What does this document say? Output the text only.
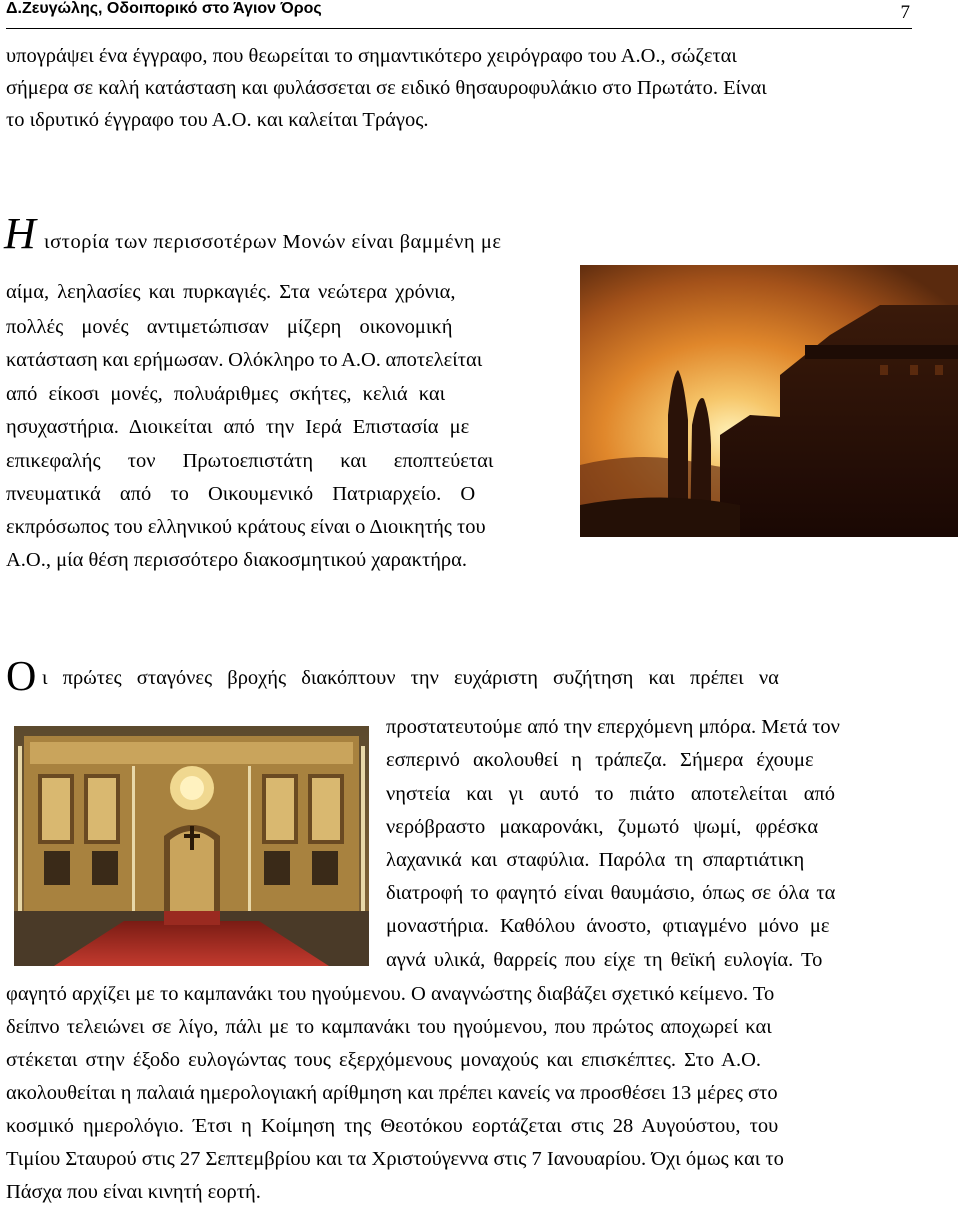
Δ.Ζευγώλης, Οδοιπορικό στο Άγιον Όρος	7
υπογράψει ένα έγγραφο, που θεωρείται το σημαντικότερο χειρόγραφο του Α.Ο., σώζεται
σήμερα σε καλή κατάσταση και φυλάσσεται σε ειδικό θησαυροφυλάκιο στο Πρωτάτο. Είναι
το ιδρυτικό έγγραφο του Α.Ο. και καλείται Τράγος.
Η ιστορία των περισσοτέρων Μονών είναι βαμμένη με
αίμα, λεηλασίες και πυρκαγιές. Στα νεώτερα χρόνια,
πολλές μονές αντιμετώπισαν μίζερη οικονομική
κατάσταση και ερήμωσαν. Ολόκληρο το Α.Ο. αποτελείται
από είκοσι μονές, πολυάριθμες σκήτες, κελιά και
ησυχαστήρια. Διοικείται από την Ιερά Επιστασία με
επικεφαλής τον Πρωτοεπιστάτη και εποπτεύεται
πνευματικά από το Οικουμενικό Πατριαρχείο. Ο
εκπρόσωπος του ελληνικού κράτους είναι ο Διοικητής του
Α.Ο., μία θέση περισσότερο διακοσμητικού χαρακτήρα.
Ο ι πρώτες σταγόνες βροχής διακόπτουν την ευχάριστη συζήτηση και πρέπει να
προστατευτούμε από την επερχόμενη μπόρα. Μετά τον
εσπερινό ακολουθεί η τράπεζα. Σήμερα έχουμε
νηστεία και γι αυτό το πιάτο αποτελείται από
νερόβραστο μακαρονάκι, ζυμωτό ψωμί, φρέσκα
λαχανικά και σταφύλια. Παρόλα τη σπαρτιάτικη
διατροφή το φαγητό είναι θαυμάσιο, όπως σε όλα τα
μοναστήρια. Καθόλου άνοστο, φτιαγμένο μόνο με
αγνά υλικά, θαρρείς που είχε τη θεϊκή ευλογία. Το
φαγητό αρχίζει με το καμπανάκι του ηγούμενου. Ο αναγνώστης διαβάζει σχετικό κείμενο. Το
δείπνο τελειώνει σε λίγο, πάλι με το καμπανάκι του ηγούμενου, που πρώτος αποχωρεί και
στέκεται στην έξοδο ευλογώντας τους εξερχόμενους μοναχούς και επισκέπτες. Στο Α.Ο.
ακολουθείται η παλαιά ημερολογιακή αρίθμηση και πρέπει κανείς να προσθέσει 13 μέρες στο
κοσμικό ημερολόγιο. Έτσι η Κοίμηση της Θεοτόκου εορτάζεται στις 28 Αυγούστου, του
Τιμίου Σταυρού στις 27 Σεπτεμβρίου και τα Χριστούγεννα στις 7 Ιανουαρίου. Όχι όμως και το
Πάσχα που είναι κινητή εορτή.
